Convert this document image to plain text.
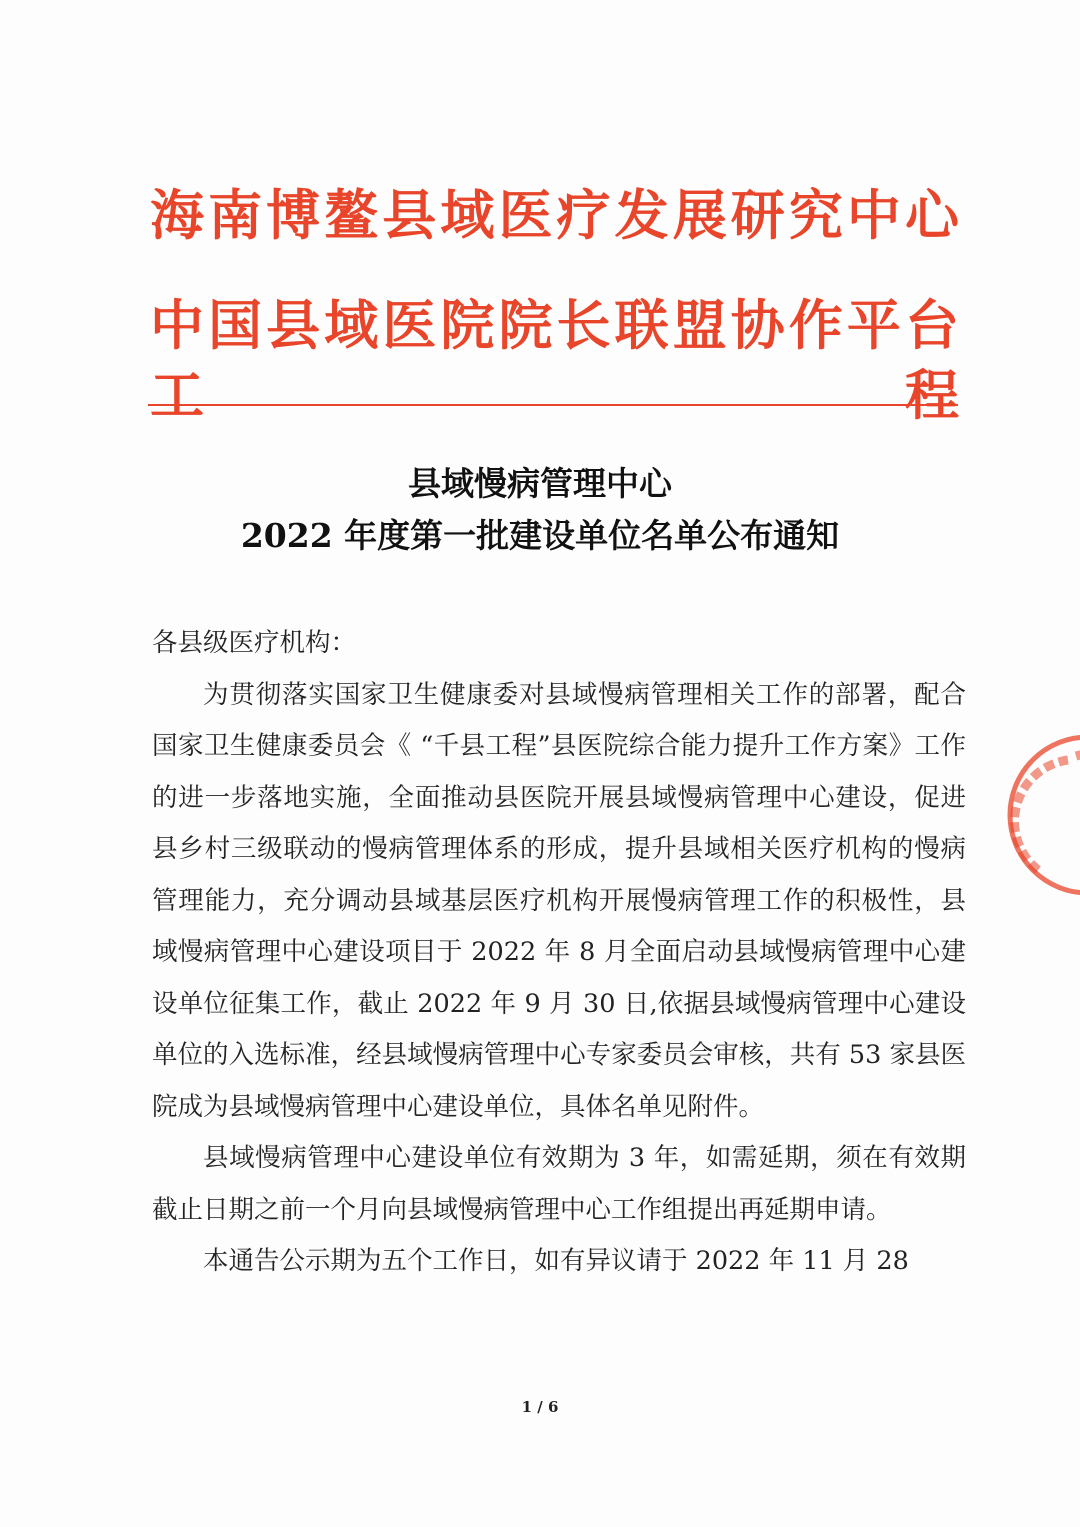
海南博鳌县域医疗发展研究中心
中国县域医院院长联盟协作平台工程
县域慢病管理中心
2022 年度第一批建设单位名单公布通知

各县级医疗机构：

为贯彻落实国家卫生健康委对县域慢病管理相关工作的部署，配合国家卫生健康委员会《 “千县工程”县医院综合能力提升工作方案》工作的进一步落地实施，全面推动县医院开展县域慢病管理中心建设，促进县乡村三级联动的慢病管理体系的形成，提升县域相关医疗机构的慢病管理能力，充分调动县域基层医疗机构开展慢病管理工作的积极性，县域慢病管理中心建设项目于 2022 年 8 月全面启动县域慢病管理中心建设单位征集工作，截止 2022 年 9 月 30 日,依据县域慢病管理中心建设单位的入选标准，经县域慢病管理中心专家委员会审核，共有 53 家县医院成为县域慢病管理中心建设单位，具体名单见附件。

县域慢病管理中心建设单位有效期为 3 年，如需延期，须在有效期截止日期之前一个月向县域慢病管理中心工作组提出再延期申请。

本通告公示期为五个工作日，如有异议请于 2022 年 11 月 28

1 / 6
